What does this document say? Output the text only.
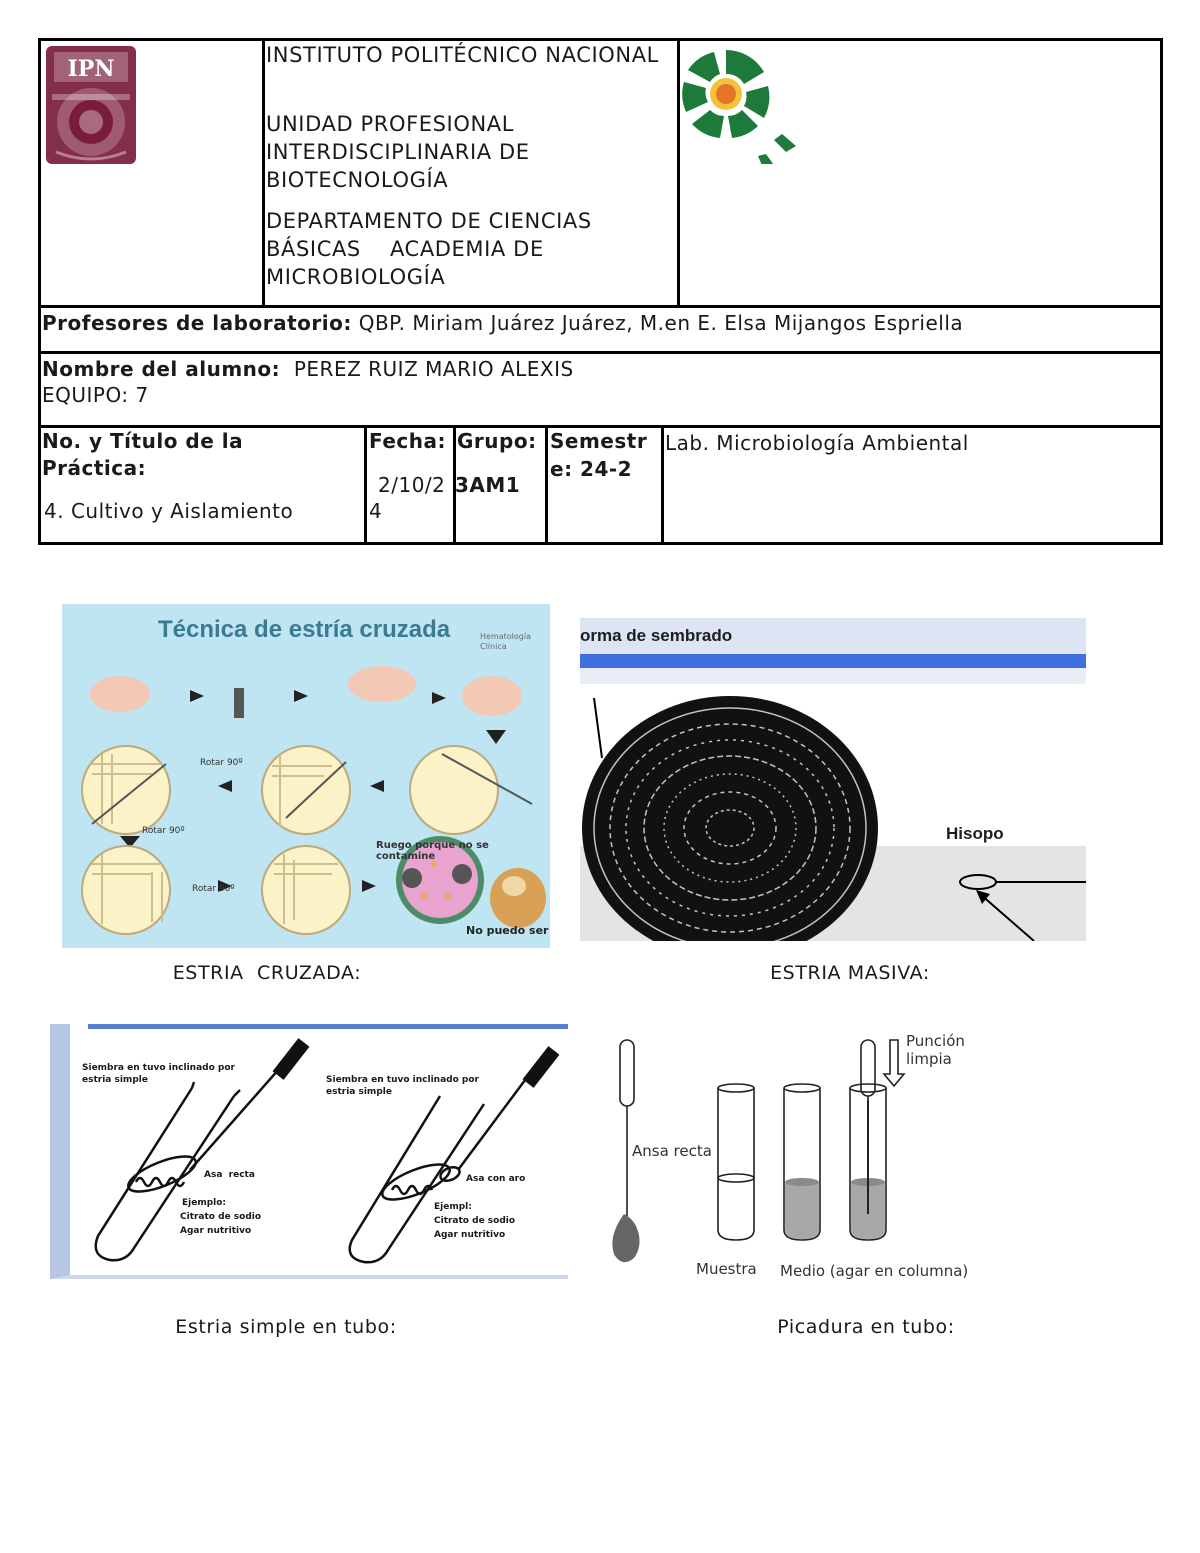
IPN
INSTITUTO POLITÉCNICO NACIONAL
UNIDAD PROFESIONAL INTERDISCIPLINARIA DE BIOTECNOLOGÍA
DEPARTAMENTO DE CIENCIAS BÁSICAS    ACADEMIA DE MICROBIOLOGÍA
Profesores de laboratorio: QBP. Miriam Juárez Juárez, M.en E. Elsa Mijangos Espriella
Nombre del alumno: PEREZ RUIZ MARIO ALEXIS
EQUIPO: 7
No. y Título de la Práctica:
4. Cultivo y Aislamiento
Fecha:
2/10/2
4
Grupo:
3AM1
Semestr
e: 24-2
Lab. Microbiología Ambiental
Técnica de estría cruzada	Hematología Clínica
Rotar 90º
Rotar 90º
Rotar 90º
Ruego porque no se contamine
No puedo ser
ESTRIA  CRUZADA:
orma de sembrado
Hisopo
ESTRIA MASIVA:
Siembra en tuvo inclinado por estria simple
Asa  recta
Ejemplo:
Citrato de sodio
Agar nutritivo
Siembra en tuvo inclinado por estria simple
Asa con aro
Ejempl:
Citrato de sodio
Agar nutritivo
Estria simple en tubo:
Ansa recta
Punción
limpia
Muestra Medio (agar en columna)
Picadura en tubo:
